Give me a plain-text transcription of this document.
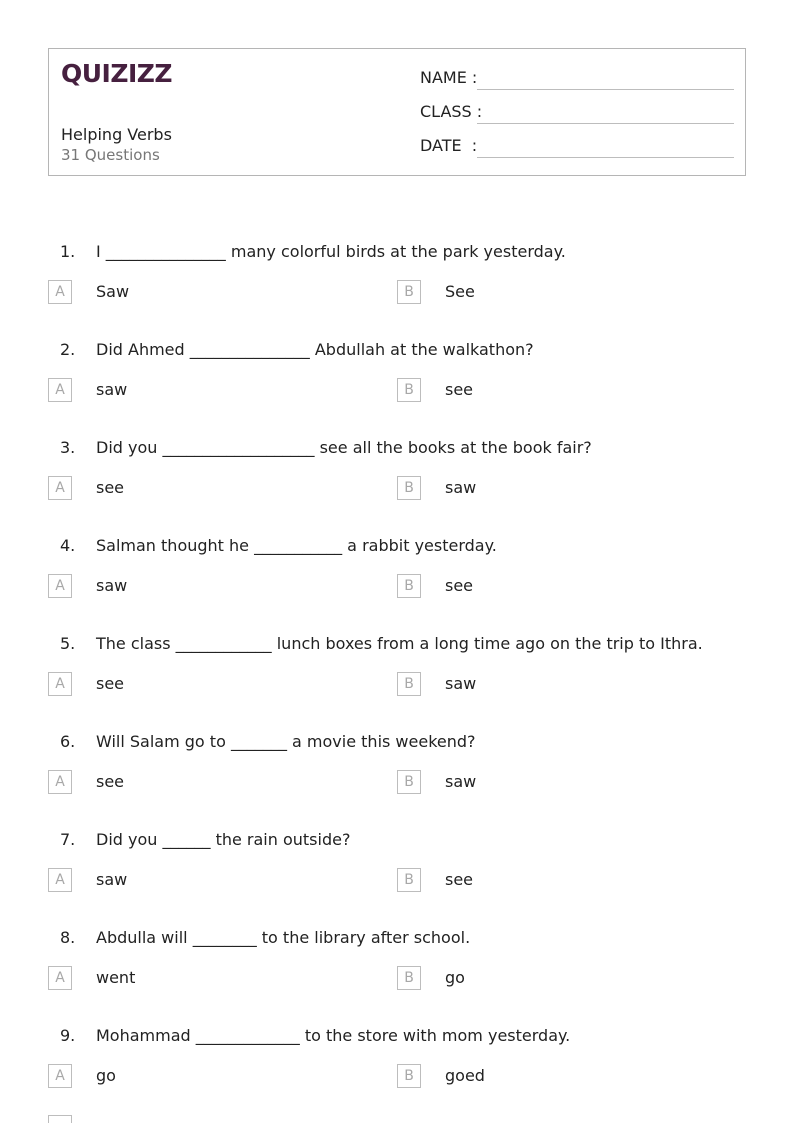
QUIZIZZ
Helping Verbs
31 Questions
NAME :
CLASS :
DATE  :
1. I _______________ many colorful birds at the park yesterday.
A	Saw	B	See
2. Did Ahmed _______________ Abdullah at the walkathon?
A	saw	B	see
3. Did you ___________________ see all the books at the book fair?
A	see	B	saw
4. Salman thought he ___________ a rabbit yesterday.
A	saw	B	see
5. The class ____________ lunch boxes from a long time ago on the trip to Ithra.
A	see	B	saw
6. Will Salam go to _______ a movie this weekend?
A	see	B	saw
7. Did you ______ the rain outside?
A	saw	B	see
8. Abdulla will ________ to the library after school.
A	went	B	go
9. Mohammad _____________ to the store with mom yesterday.
A	go	B	goed
